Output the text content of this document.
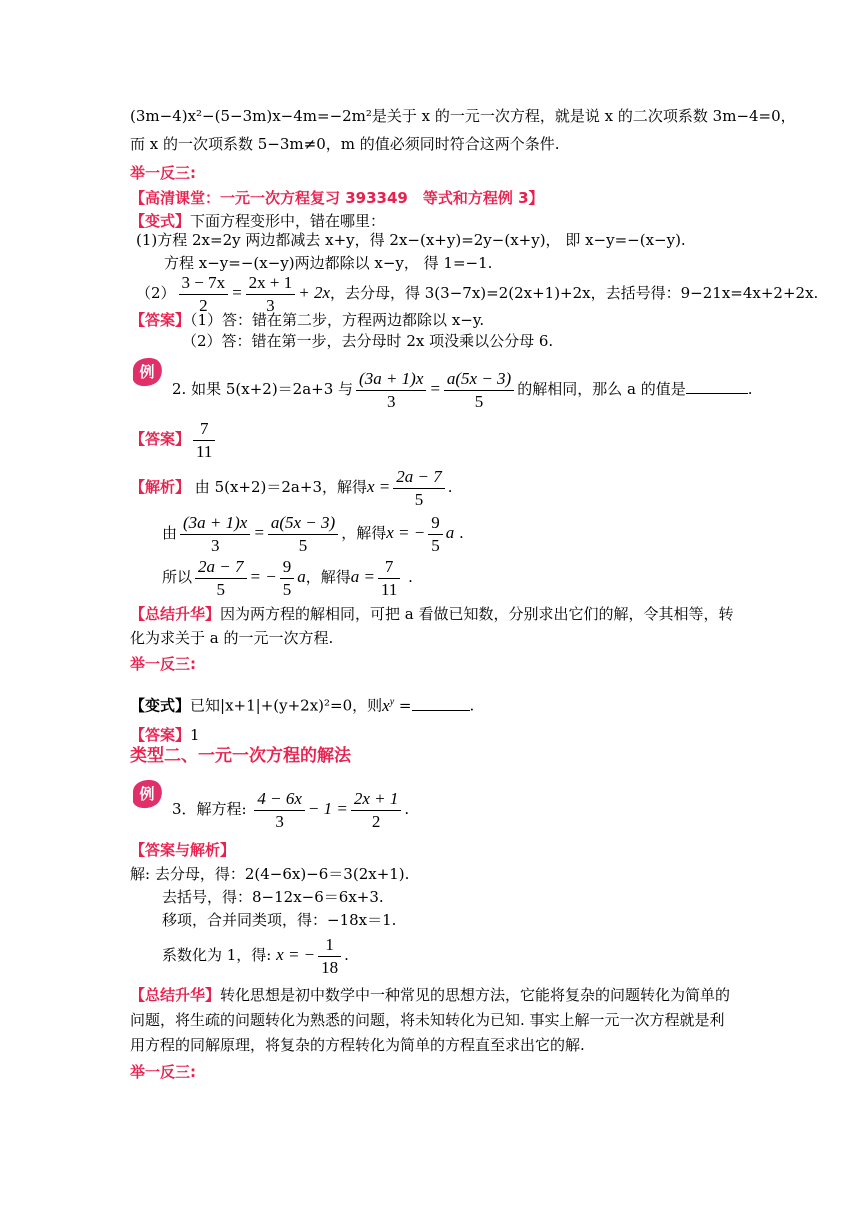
(3m−4)x²−(5−3m)x−4m=−2m²是关于 x 的一元一次方程，就是说 x 的二次项系数 3m−4=0，
而 x 的一次项系数 5−3m≠0，m 的值必须同时符合这两个条件.
举一反三:
【高清课堂：一元一次方程复习 393349　等式和方程例 3】
【变式】下面方程变形中，错在哪里：
(1)方程 2x=2y 两边都减去 x+y，得 2x−(x+y)=2y−(x+y)， 即 x−y=−(x−y).
方程 x−y=−(x−y)两边都除以 x−y， 得 1=−1.
$(2) \frac{3 - 7x}{2} = \frac{2x + 1}{3} + 2x$，去分母，得 3(3−7x)=2(2x+1)+2x，去括号得：9−21x=4x+2+2x.
【答案】（1）答：错在第二步，方程两边都除以 x−y.
（2）答：错在第一步，去分母时 2x 项没乘以公分母 6.
例
2. 如果 5(x+2)＝2a+3 与 $\frac{(3a + 1)x}{3} = \frac{a(5x - 3)}{5}$ 的解相同，那么 a 的值是	.
【答案】 $\frac{7}{11}$
【解析】 由 5(x+2)＝2a+3，解得$x = \frac{2a - 7}{5}$ .
由 $\frac{(3a + 1)x}{3} = \frac{a(5x - 3)}{5}$ ，解得x = − $\frac{9}{5}$ a .
所以 $\frac{2a - 7}{5}$ = − $\frac{9}{5}$ a，解得$a = \frac{7}{11}$ .
【总结升华】因为两方程的解相同，可把 a 看做已知数，分别求出它们的解，令其相等，转
化为求关于 a 的一元一次方程.
举一反三:
【变式】已知|x+1|+(y+2x)²=0，则$x^y$ =	.
【答案】1
类型二、一元一次方程的解法
例
3．解方程: $\frac{4 - 6x}{3} - 1 = \frac{2x + 1}{2}$ .
【答案与解析】
解: 去分母，得：2(4−6x)−6＝3(2x+1).
去括号，得：8−12x−6＝6x+3.
移项，合并同类项，得：−18x＝1.
系数化为 1，得: x = − $\frac{1}{18}$ .
【总结升华】转化思想是初中数学中一种常见的思想方法，它能将复杂的问题转化为简单的
问题，将生疏的问题转化为熟悉的问题，将未知转化为已知. 事实上解一元一次方程就是利
用方程的同解原理，将复杂的方程转化为简单的方程直至求出它的解.
举一反三:
